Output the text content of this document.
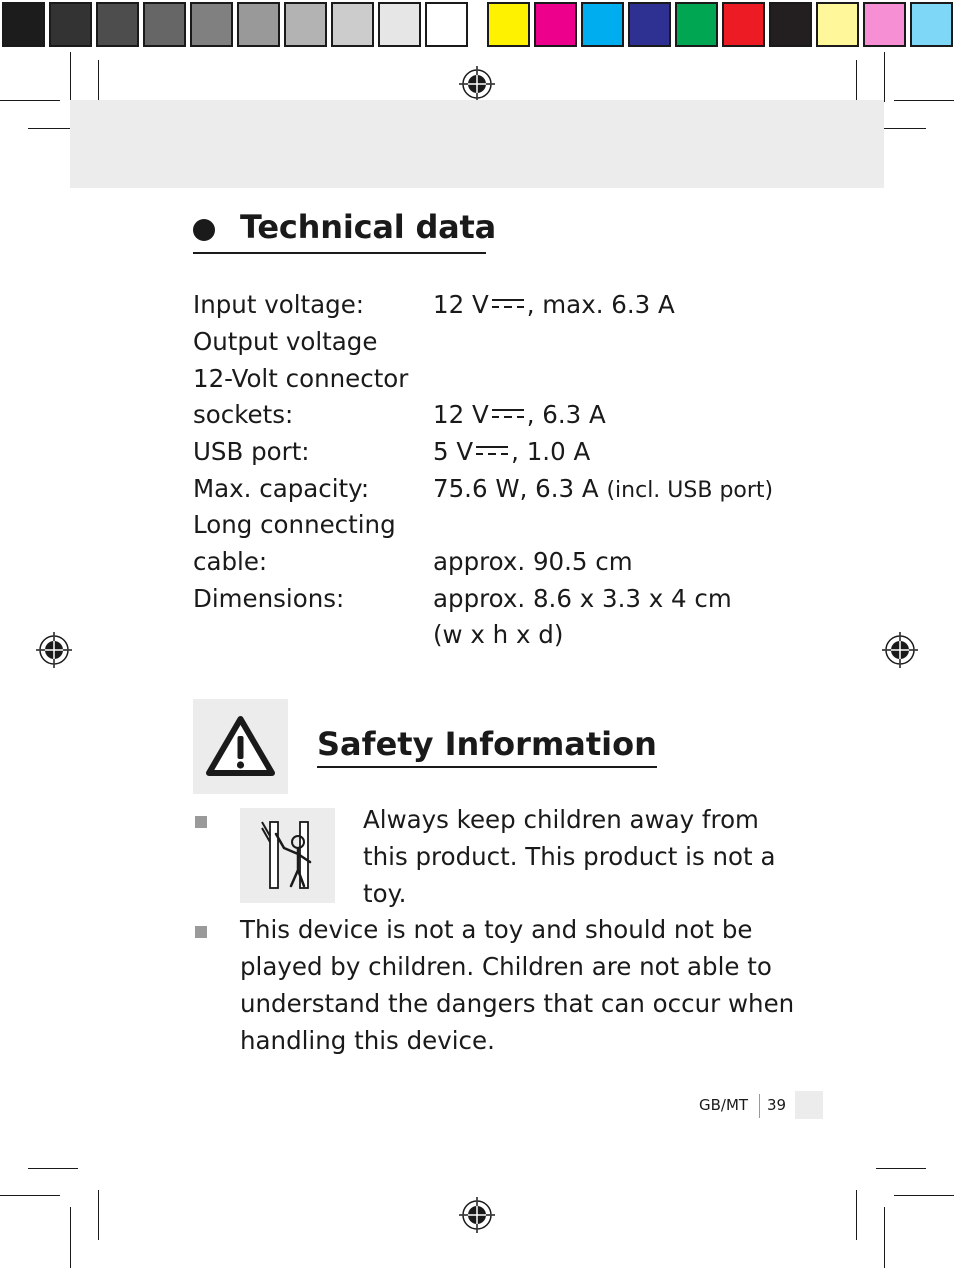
Technical data
Input voltage:	12 V , max. 6.3 A
Output voltage
12-Volt connector
sockets:	12 V , 6.3 A
USB port:	5 V , 1.0 A
Max. capacity:	75.6 W, 6.3 A (incl. USB port)
Long connecting
cable:	approx. 90.5 cm
Dimensions:	approx. 8.6 x 3.3 x 4 cm
(w x h x d)
Safety Information
Always keep children away from
this product. This product is not a
toy.
This device is not a toy and should not be
played by children. Children are not able to
understand the dangers that can occur when
handling this device.
GB/MT 39
